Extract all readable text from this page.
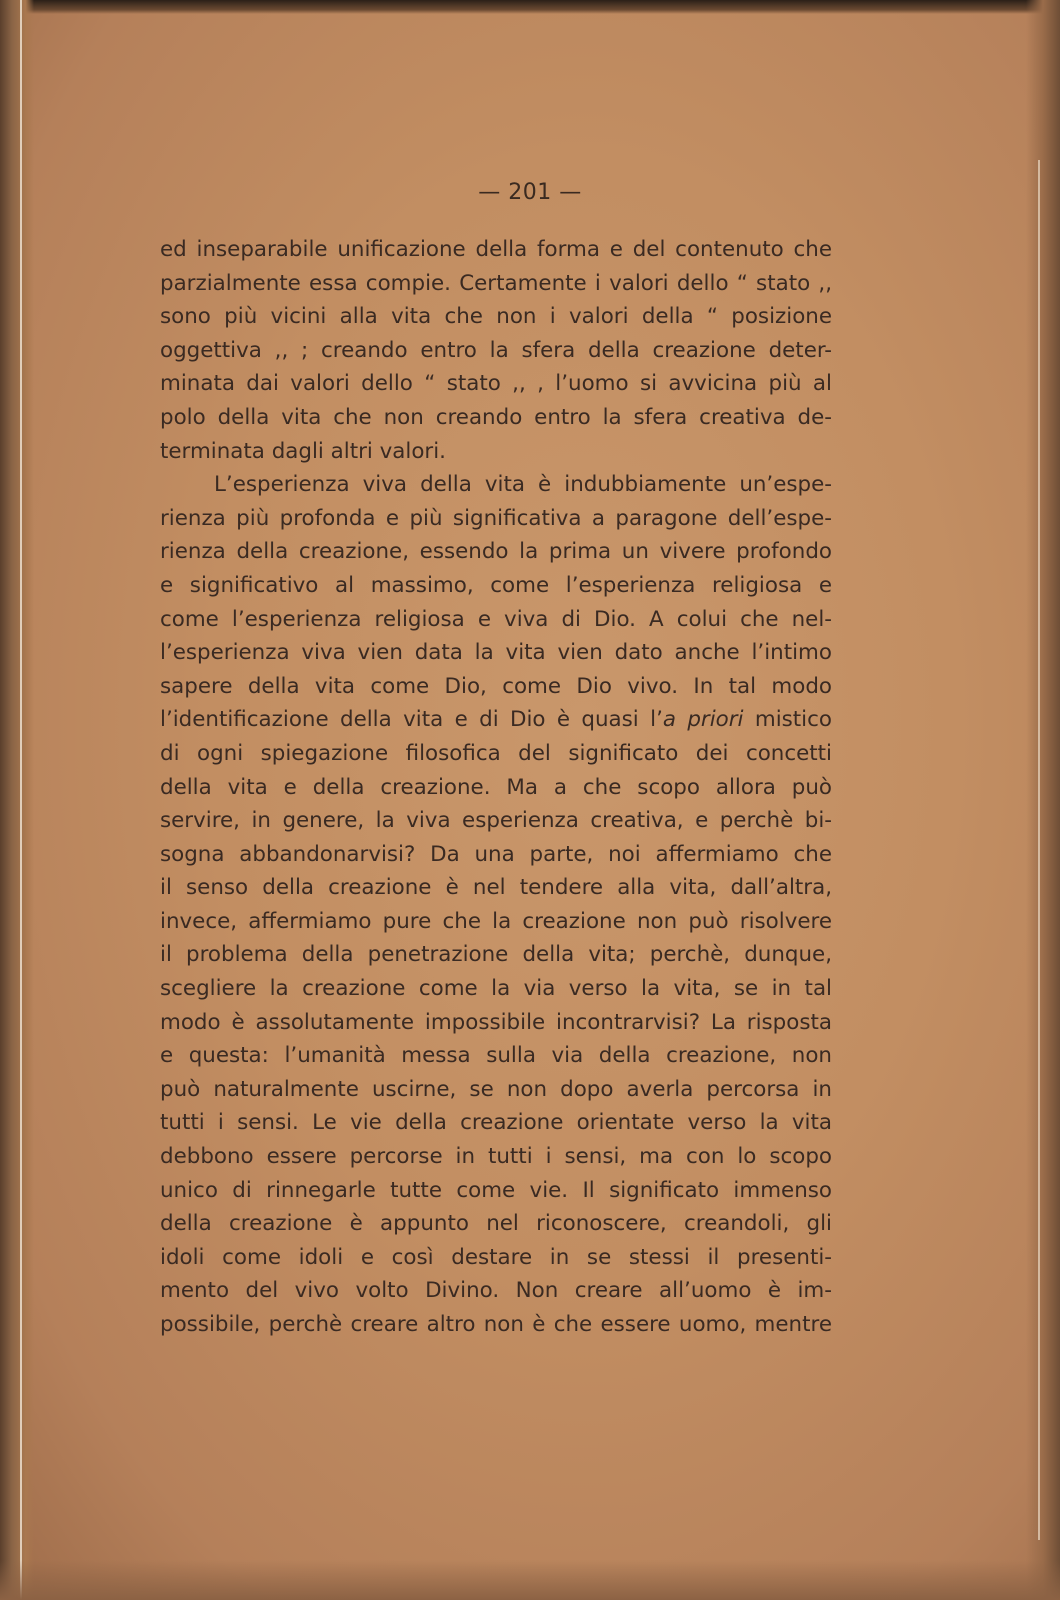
— 201 —
ed inseparabile unificazione della forma e del contenuto che
parzialmente essa compie. Certamente i valori dello “ stato ,,
sono più vicini alla vita che non i valori della “ posizione
oggettiva ,, ; creando entro la sfera della creazione deter-
minata dai valori dello “ stato ,, , l’uomo si avvicina più al
polo della vita che non creando entro la sfera creativa de-
terminata dagli altri valori.
L’esperienza viva della vita è indubbiamente un’espe-
rienza più profonda e più significativa a paragone dell’espe-
rienza della creazione, essendo la prima un vivere profondo
e significativo al massimo, come l’esperienza religiosa e
come l’esperienza religiosa e viva di Dio. A colui che nel-
l’esperienza viva vien data la vita vien dato anche l’intimo
sapere della vita come Dio, come Dio vivo. In tal modo
l’identificazione della vita e di Dio è quasi l’a priori mistico
di ogni spiegazione filosofica del significato dei concetti
della vita e della creazione. Ma a che scopo allora può
servire, in genere, la viva esperienza creativa, e perchè bi-
sogna abbandonarvisi? Da una parte, noi affermiamo che
il senso della creazione è nel tendere alla vita, dall’altra,
invece, affermiamo pure che la creazione non può risolvere
il problema della penetrazione della vita; perchè, dunque,
scegliere la creazione come la via verso la vita, se in tal
modo è assolutamente impossibile incontrarvisi? La risposta
e questa: l’umanità messa sulla via della creazione, non
può naturalmente uscirne, se non dopo averla percorsa in
tutti i sensi. Le vie della creazione orientate verso la vita
debbono essere percorse in tutti i sensi, ma con lo scopo
unico di rinnegarle tutte come vie. Il significato immenso
della creazione è appunto nel riconoscere, creandoli, gli
idoli come idoli e così destare in se stessi il presenti-
mento del vivo volto Divino. Non creare all’uomo è im-
possibile, perchè creare altro non è che essere uomo, mentre
